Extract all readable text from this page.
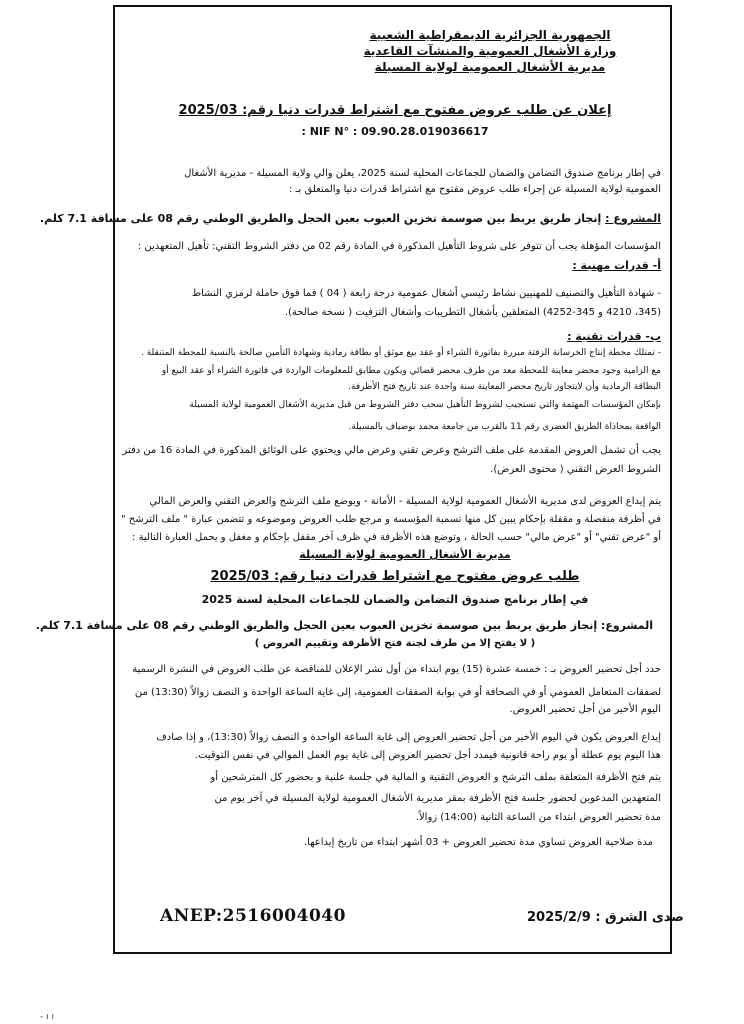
الجمهورية الجزائرية الديمقراطية الشعبية

وزارة الأشغال العمومية والمنشآت القاعدية

مديرية الأشغال العمومية لولاية المسيلة

إعلان عن طلب عروض مفتوح مع اشتراط قدرات دنيا رقم: 2025/03

: NIF N° : 09.90.28.019036617

في إطار برنامج صندوق التضامن والضمان للجماعات المحلية لسنة 2025، يعلن والي ولاية المسيلة - مديرية الأشغال

العمومية لولاية المسيلة عن إجراء طلب عروض مفتوح مع اشتراط قدرات دنيا والمتعلق بـ :

المشروع : إنجاز طريق يربط بين صوسمة تخزين العبوب بعين الحجل والطريق الوطني رقم 08 على مسافة 7.1 كلم.

المؤسسات المؤهلة يجب أن تتوفر على شروط التأهيل المذكورة في المادة رقم 02 من دفتر الشروط التقني: تأهيل المتعهدين :

أ- قدرات مهنية :

- شهادة التأهيل والتصنيف للمهنيين نشاط رئيسي أشغال عمومية درجة رابعة ( 04 ) فما فوق حاملة لرمزي النشاط

(345، 4210 و 345-4252) المتعلقين بأشغال التطريبات وأشغال التزفيت ( نسخة صالحة).

ب- قدرات تقنية :

- تمتلك محطة إنتاج الخرسانة الزفتة مبررة بفاتورة الشراء أو عقد بيع موثق أو بطاقة رمادية وشهادة التأمين صالحة بالنسبة للمحطة المتنقلة .

مع الزامية وجود محضر معاينة للمحطة معد من طرف محضر قضائي ويكون مطابق للمعلومات الواردة في فاتورة الشراء أو عقد البيع أو

البطاقة الرمادية وأن لايتجاوز تاريخ محضر المعاينة سنة واحدة عند تاريخ فتح الأظرفة.

بإمكان المؤسسات المهتمة والتي تستجيب لشروط التأهيل سحب دفتر الشروط من قبل مديرية الأشغال العمومية لولاية المسيلة

الواقعة بمحاذاة الطريق العضري رقم 11 بالقرب من جامعة محمد بوضياف بالمسيلة.

يجب أن تشمل العروض المقدمة على ملف الترشح وعرض تقني وعرض مالي ويحتوي على الوثائق المذكورة في المادة 16 من دفتر

الشروط العرض التقني ( محتوى العرض).

يتم إيداع العروض لدى مديرية الأشغال العمومية لولاية المسيلة - الأمانة - ويوضع ملف الترشح والعرض التقني والعرض المالي

في أظرفة منفصلة و مقفلة بإحكام يبين كل منها تسمية المؤسسة و مرجع طلب العروض وموضوعه و تتضمن عبارة " ملف الترشح "

أو "عرض تقني" أو "عرض مالي" حسب الحالة ، وتوضع هذه الأظرفة في ظرف آخر مقفل بإحكام و مغفل و يحمل العبارة التالية :

مديرية الأشغال العمومية لولاية المسيلة

طلب عروض مفتوح مع اشتراط قدرات دنيا رقم: 2025/03

في إطار برنامج صندوق التضامن والضمان للجماعات المحلية لسنة 2025

المشروع: إنجاز طريق يربط بين صوسمة تخزين العبوب بعين الحجل والطريق الوطني رقم 08 على مسافة 7.1 كلم.

( لا يفتح إلا من طرف لجنة فتح الأظرفة وتقييم العروض )

حدد أجل تحضير العروض بـ : خمسة عشرة (15) يوم ابتداء من أول نشر الإعلان للمناقصة عن طلب العروض في النشرة الرسمية

لصفقات المتعامل العمومي أو في الصحافة أو في بوابة الصفقات العمومية، إلى غاية الساعة الواحدة و النصف زوالاً (13:30) من

اليوم الأخير من أجل تحضير العروض.

إيداع العروض يكون في اليوم الأخير من أجل تحضير العروض إلى غاية الساعة الواحدة و النصف زوالاً (13:30)، و إذا صادف

هذا اليوم يوم عطلة أو يوم راحة قانونية فيمدد أجل تحضير العروض إلى غاية يوم العمل الموالي في نفس التوقيت.

يتم فتح الأظرفة المتعلقة بملف الترشح و العروض التقنية و المالية في جلسة علنية و بحضور كل المترشحين أو

المتعهدين المدعوين لحضور جلسة فتح الأظرفة بمقر مديرية الأشغال العمومية لولاية المسيلة في آخر يوم من

مدة تحضير العروض ابتداء من الساعة الثانية (14:00) زوالاً.

مدة صلاحية العروض تساوي مدة تحضير العروض + 03 أشهر ابتداء من تاريخ إيداعها.

ANEP:2516004040	صدى الشرق : 2025/2/9
- ı ı
